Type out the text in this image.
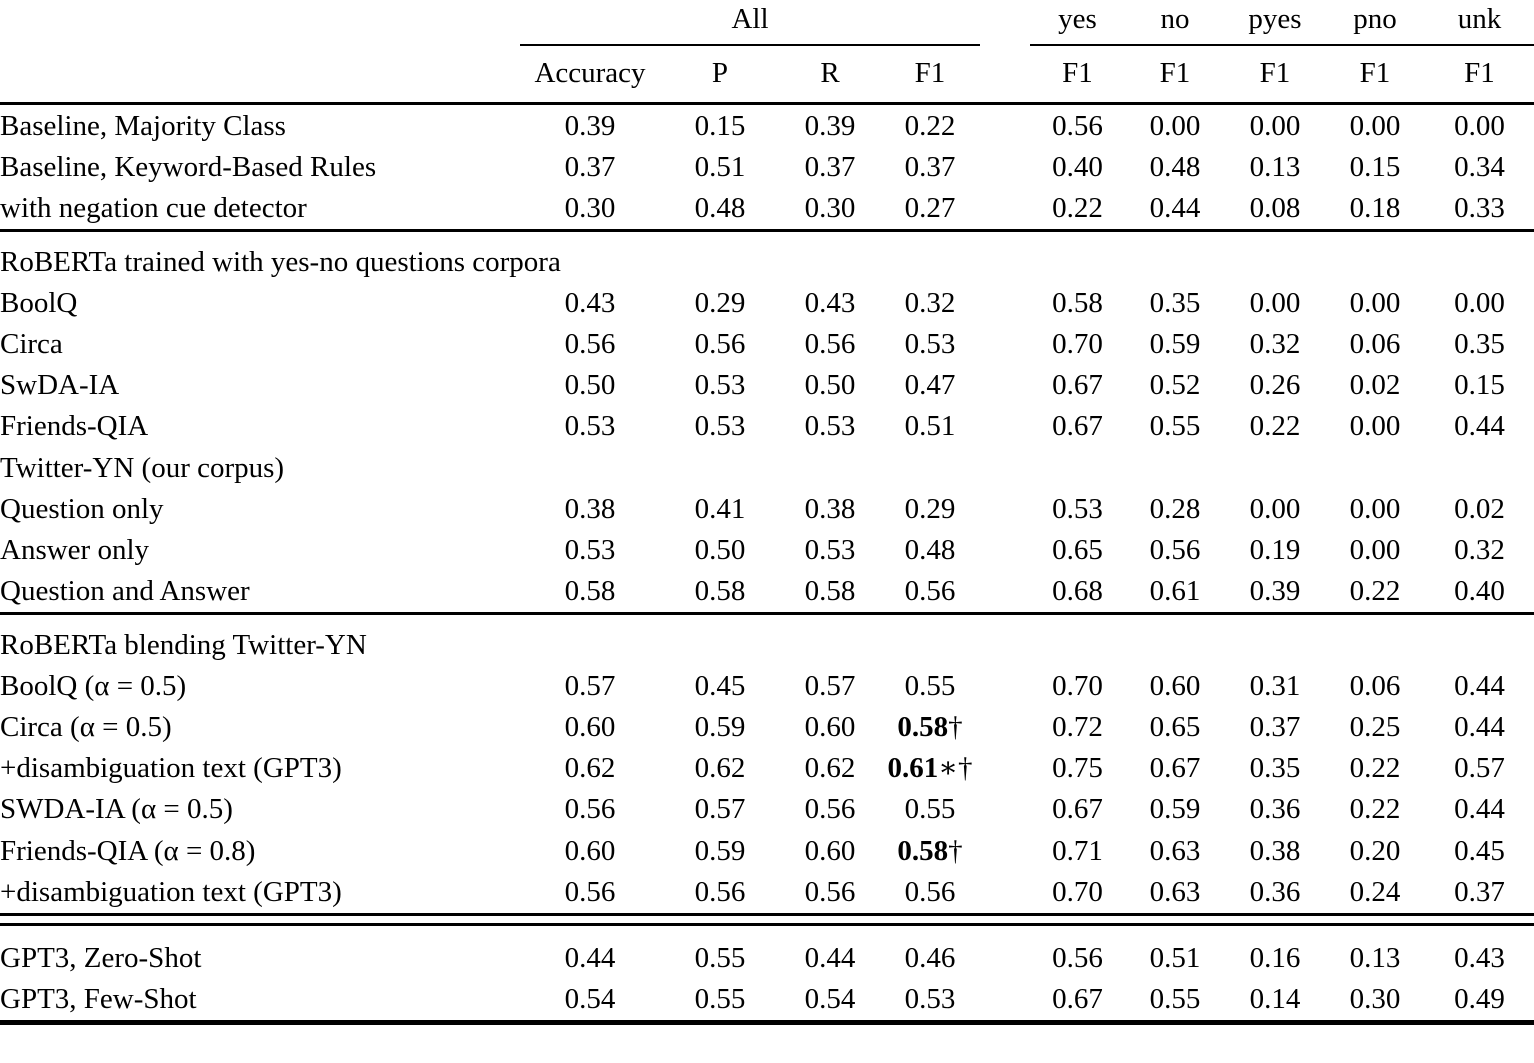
	All					yes	no	pyes	pno	unk
	Accuracy	P	R	F1		F1	F1	F1	F1	F1
Baseline, Majority Class	0.39	0.15	0.39	0.22		0.56	0.00	0.00	0.00	0.00
Baseline, Keyword-Based Rules	0.37	0.51	0.37	0.37		0.40	0.48	0.13	0.15	0.34
with negation cue detector	0.30	0.48	0.30	0.27		0.22	0.44	0.08	0.18	0.33

RoBERTa trained with yes-no questions corpora										
BoolQ	0.43	0.29	0.43	0.32		0.58	0.35	0.00	0.00	0.00
Circa	0.56	0.56	0.56	0.53		0.70	0.59	0.32	0.06	0.35
SwDA-IA	0.50	0.53	0.50	0.47		0.67	0.52	0.26	0.02	0.15
Friends-QIA	0.53	0.53	0.53	0.51		0.67	0.55	0.22	0.00	0.44
Twitter-YN (our corpus)										
Question only	0.38	0.41	0.38	0.29		0.53	0.28	0.00	0.00	0.02
Answer only	0.53	0.50	0.53	0.48		0.65	0.56	0.19	0.00	0.32
Question and Answer	0.58	0.58	0.58	0.56		0.68	0.61	0.39	0.22	0.40

RoBERTa blending Twitter-YN										
BoolQ (α = 0.5)	0.57	0.45	0.57	0.55		0.70	0.60	0.31	0.06	0.44
Circa (α = 0.5)	0.60	0.59	0.60	0.58†		0.72	0.65	0.37	0.25	0.44
+disambiguation text (GPT3)	0.62	0.62	0.62	0.61∗†		0.75	0.67	0.35	0.22	0.57
SWDA-IA (α = 0.5)	0.56	0.57	0.56	0.55		0.67	0.59	0.36	0.22	0.44
Friends-QIA (α = 0.8)	0.60	0.59	0.60	0.58†		0.71	0.63	0.38	0.20	0.45
+disambiguation text (GPT3)	0.56	0.56	0.56	0.56		0.70	0.63	0.36	0.24	0.37

GPT3, Zero-Shot	0.44	0.55	0.44	0.46		0.56	0.51	0.16	0.13	0.43
GPT3, Few-Shot	0.54	0.55	0.54	0.53		0.67	0.55	0.14	0.30	0.49
